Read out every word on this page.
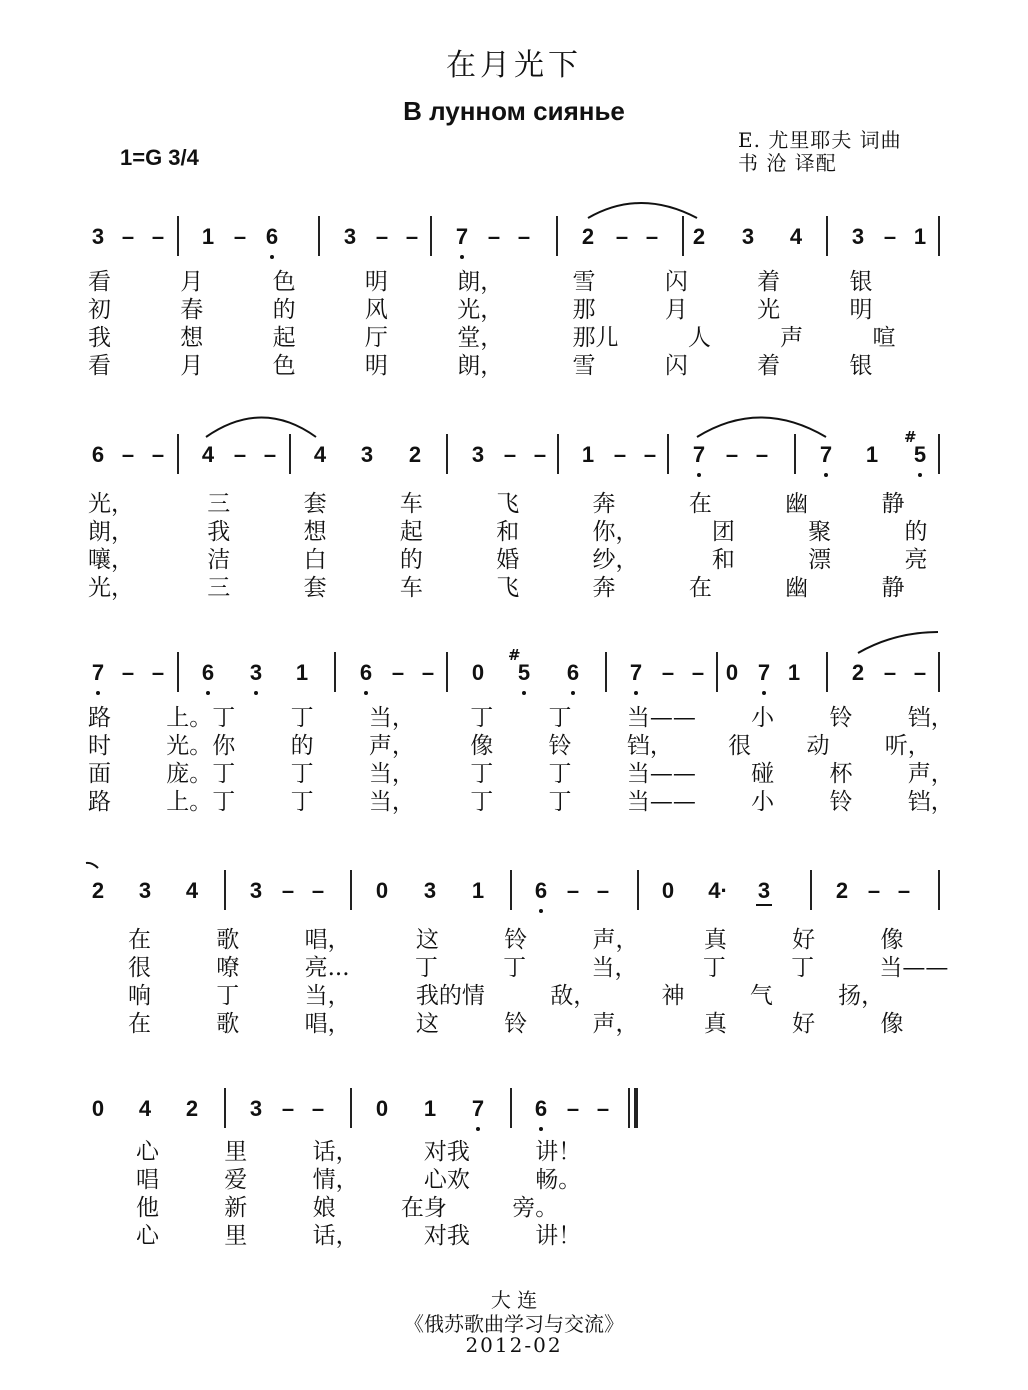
在月光下
В лунном сиянье
1=G 3/4
E. 尤里耶夫 词曲
书 沧 译配
3 – – 1 – 6	3 – – 7 – – 2 – – 2 3 4 3 – 1
看 月 色 明 朗， 雪 闪 着 银
初 春 的 风 光， 那 月 光 明
我 想 起 厅 堂， 那儿 人 声 喧
看 月 色 明 朗， 雪 闪 着 银
6 – – 4 – – 4 3 2 3 – – 1 – – 7 – – 7 1 5
#
光， 三 套 车 飞 奔 在 幽 静
朗， 我 想 起 和 你， 团 聚 的
嚷， 洁 白 的 婚 纱， 和 漂 亮
光， 三 套 车 飞 奔 在 幽 静
7 – – 6 3 1 6 – – 0 5 6 7 – – 0 7 1 2 – –
#
路 上。丁 丁 当， 丁 丁 当—— 小 铃 铛，
时 光。你 的 声， 像 铃 铛， 很 动 听，
面 庞。丁 丁 当， 丁 丁 当—— 碰 杯 声，
路 上。丁 丁 当， 丁 丁 当—— 小 铃 铛，
2 3 4 3 – – 0 3 1 6 – – 0 4· 3	2 – –
在 歌 唱， 这 铃 声， 真 好 像
很 嘹 亮... 丁 丁 当， 丁 丁 当——
响 丁 当， 我的情 敌， 神 气 扬，
在 歌 唱， 这 铃 声， 真 好 像
0 4 2 3 – – 0 1 7 6 – –
心 里 话， 对我 讲！
唱 爱 情， 心欢 畅。
他 新 娘 在身 旁。
心 里 话， 对我 讲！
大 连
《俄苏歌曲学习与交流》
2012-02
